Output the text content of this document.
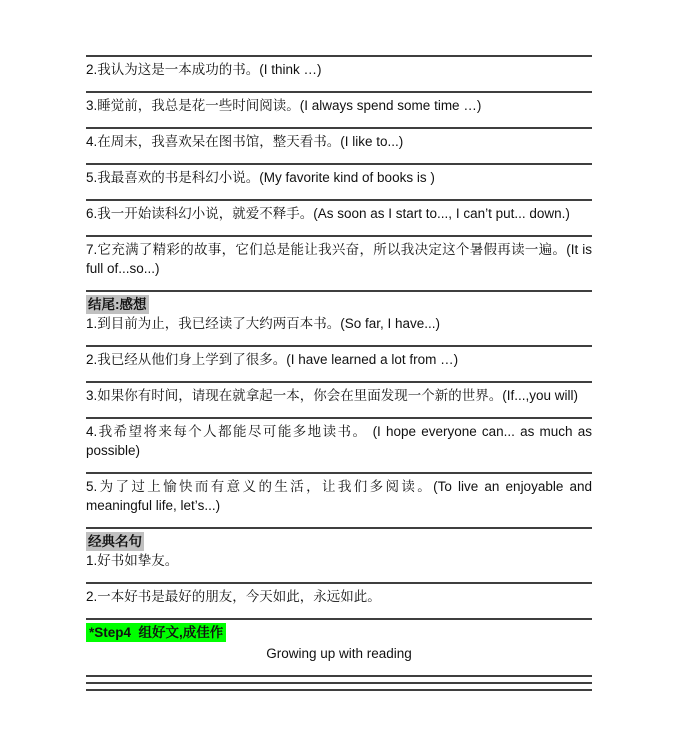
2.我认为这是一本成功的书。(I think …)
3.睡觉前，我总是花一些时间阅读。(I always spend some time …)
4.在周末，我喜欢呆在图书馆，整天看书。(I like to...)
5.我最喜欢的书是科幻小说。(My favorite kind of books is )
6.我一开始读科幻小说，就爱不释手。(As soon as I start to..., I can’t put... down.)
7.它充满了精彩的故事，它们总是能让我兴奋，所以我决定这个暑假再读一遍。(It is full of...so...)
结尾:感想
1.到目前为止，我已经读了大约两百本书。(So far, I have...)
2.我已经从他们身上学到了很多。(I have learned a lot from …)
3.如果你有时间，请现在就拿起一本，你会在里面发现一个新的世界。(If...,you will)
4.我希望将来每个人都能尽可能多地读书。 (I hope everyone can... as much as possible)
5.为了过上愉快而有意义的生活，让我们多阅读。(To live an enjoyable and meaningful life, let’s...)
经典名句
1.好书如挚友。
2.一本好书是最好的朋友，今天如此，永远如此。
*Step4  组好文,成佳作
Growing up with reading
